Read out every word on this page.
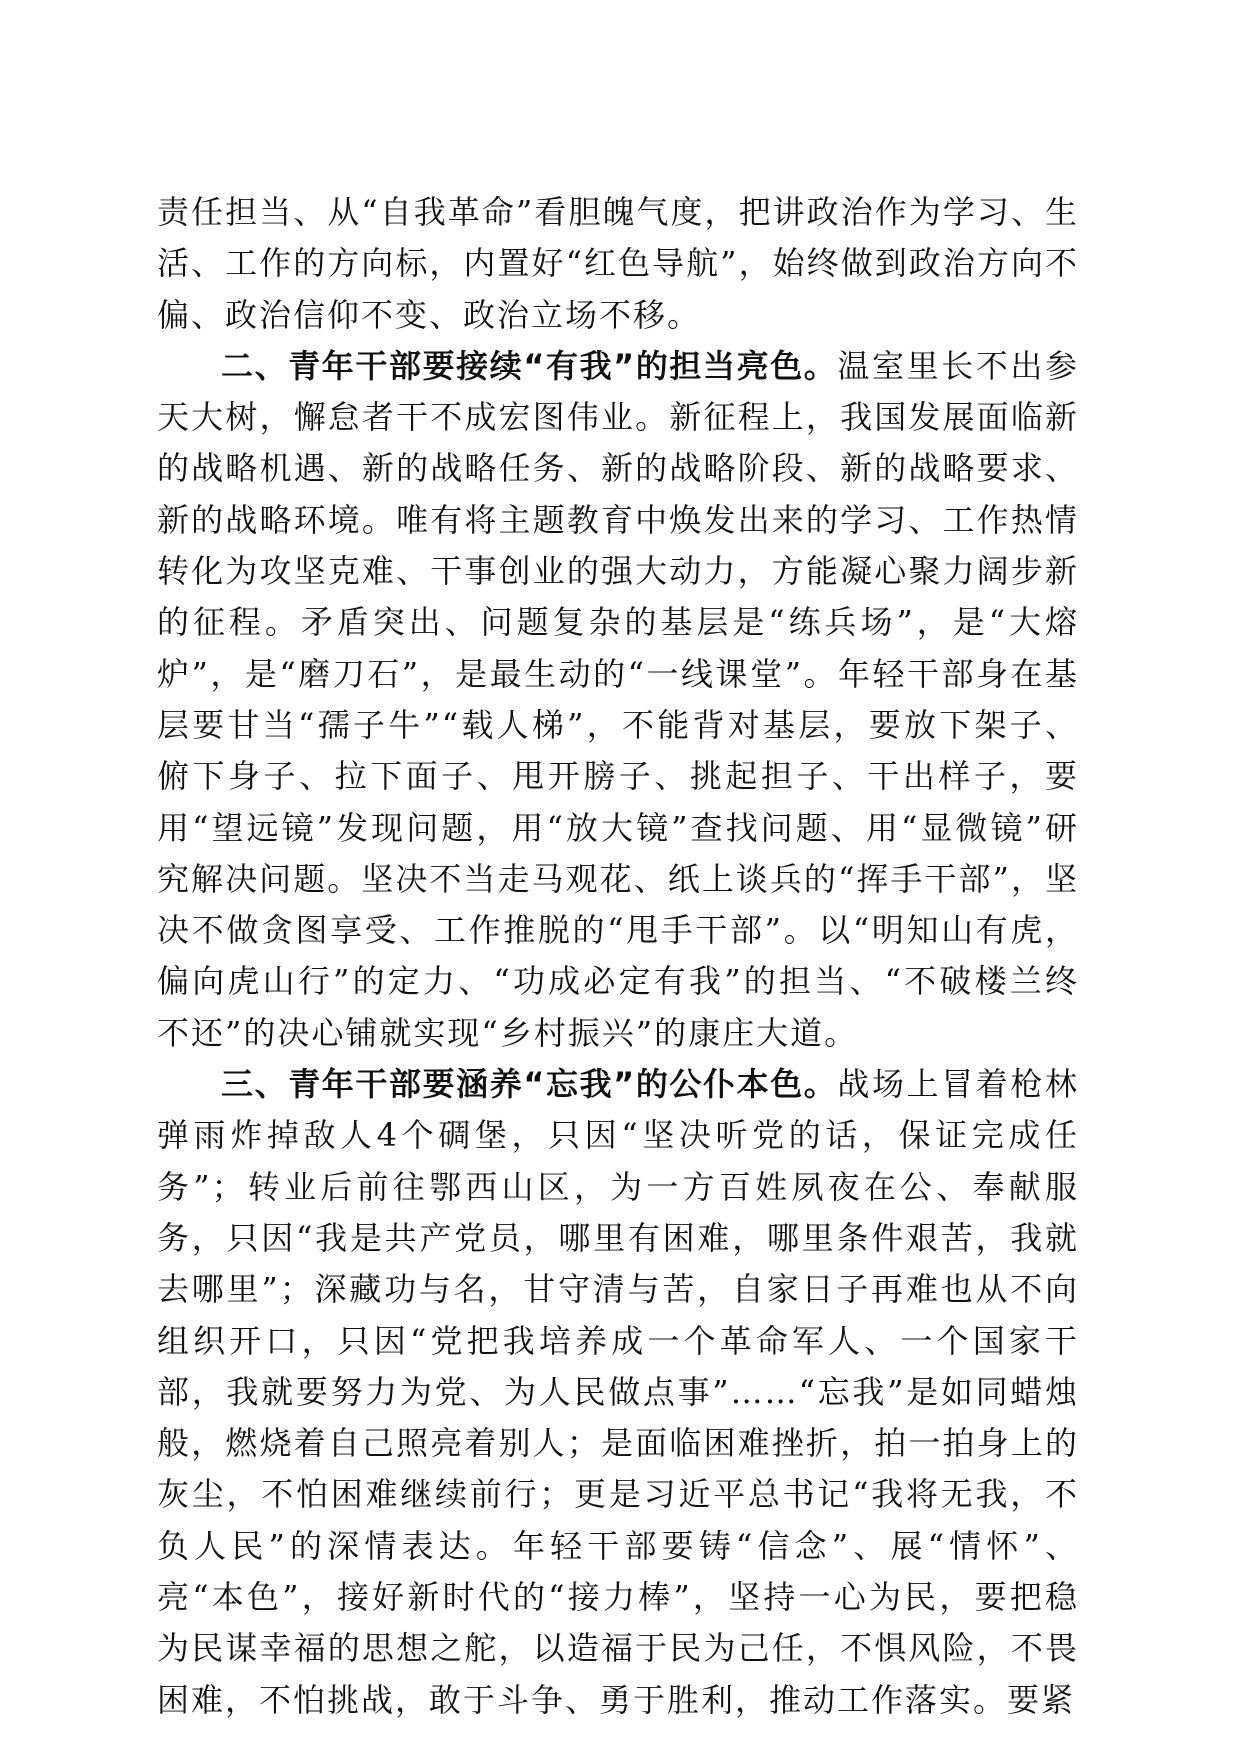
责任担当、从“自我革命”看胆魄气度，把讲政治作为学习、生活、工作的方向标，内置好“红色导航”，始终做到政治方向不偏、政治信仰不变、政治立场不移。

二、青年干部要接续“有我”的担当亮色。温室里长不出参天大树，懈怠者干不成宏图伟业。新征程上，我国发展面临新的战略机遇、新的战略任务、新的战略阶段、新的战略要求、新的战略环境。唯有将主题教育中焕发出来的学习、工作热情转化为攻坚克难、干事创业的强大动力，方能凝心聚力阔步新的征程。矛盾突出、问题复杂的基层是“练兵场”，是“大熔炉”，是“磨刀石”，是最生动的“一线课堂”。年轻干部身在基层要甘当“孺子牛”“载人梯”，不能背对基层，要放下架子、俯下身子、拉下面子、甩开膀子、挑起担子、干出样子，要用“望远镜”发现问题，用“放大镜”查找问题、用“显微镜”研究解决问题。坚决不当走马观花、纸上谈兵的“挥手干部”，坚决不做贪图享受、工作推脱的“甩手干部”。以“明知山有虎，偏向虎山行”的定力、“功成必定有我”的担当、“不破楼兰终不还”的决心铺就实现“乡村振兴”的康庄大道。

三、青年干部要涵养“忘我”的公仆本色。战场上冒着枪林弹雨炸掉敌人4个碉堡，只因“坚决听党的话，保证完成任务”；转业后前往鄂西山区，为一方百姓夙夜在公、奉献服务，只因“我是共产党员，哪里有困难，哪里条件艰苦，我就去哪里”；深藏功与名，甘守清与苦，自家日子再难也从不向组织开口，只因“党把我培养成一个革命军人、一个国家干部，我就要努力为党、为人民做点事”……“忘我”是如同蜡烛般，燃烧着自己照亮着别人；是面临困难挫折，拍一拍身上的灰尘，不怕困难继续前行；更是习近平总书记“我将无我，不负人民”的深情表达。年轻干部要铸“信念”、展“情怀”、亮“本色”，接好新时代的“接力棒”，坚持一心为民，要把稳为民谋幸福的思想之舵，以造福于民为己任，不惧风险，不畏困难，不怕挑战，敢于斗争、勇于胜利，推动工作落实。要紧
